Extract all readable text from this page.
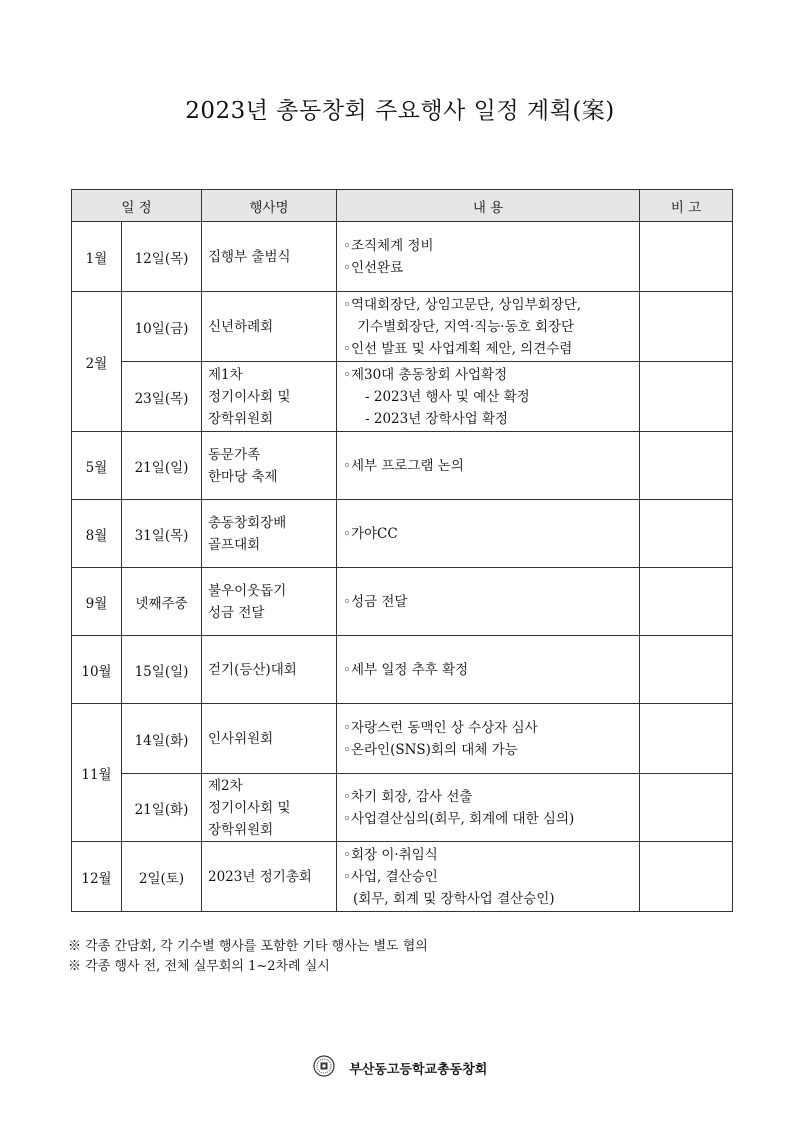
2023년 총동창회 주요행사 일정 계획(案)
일 정		행사명	내 용	비 고
1월	12일(목)	집행부 출범식	◦조직체계 정비
◦인선완료	

2월	10일(금)	신년하례회	◦역대회장단, 상임고문단, 상임부회장단,
기수별회장단, 지역·직능·동호 회장단
◦인선 발표 및 사업계획 제안, 의견수렴	

	23일(목)	제1차
정기이사회 및
장학위원회	◦제30대 총동창회 사업확정
- 2023년 행사 및 예산 확정
- 2023년 장학사업 확정	

5월	21일(일)	동문가족
한마당 축제	◦세부 프로그램 논의	

8월	31일(목)	총동창회장배
골프대회	◦가야CC	

9월	넷째주중	불우이웃돕기
성금 전달	◦성금 전달	

10월	15일(일)	걷기(등산)대회	◦세부 일정 추후 확정	

11월	14일(화)	인사위원회	◦자랑스런 동맥인 상 수상자 심사
◦온라인(SNS)회의 대체 가능	

	21일(화)	제2차
정기이사회 및
장학위원회	◦차기 회장, 감사 선출
◦사업결산심의(회무, 회계에 대한 심의)	

12월	2일(토)	2023년 정기총회	◦회장 이·취임식
◦사업, 결산승인
(회무, 회계 및 장학사업 결산승인)	

※ 각종 간담회, 각 기수별 행사를 포함한 기타 행사는 별도 협의
※ 각종 행사 전, 전체 실무회의 1~2차례 실시
부산동고등학교총동창회
